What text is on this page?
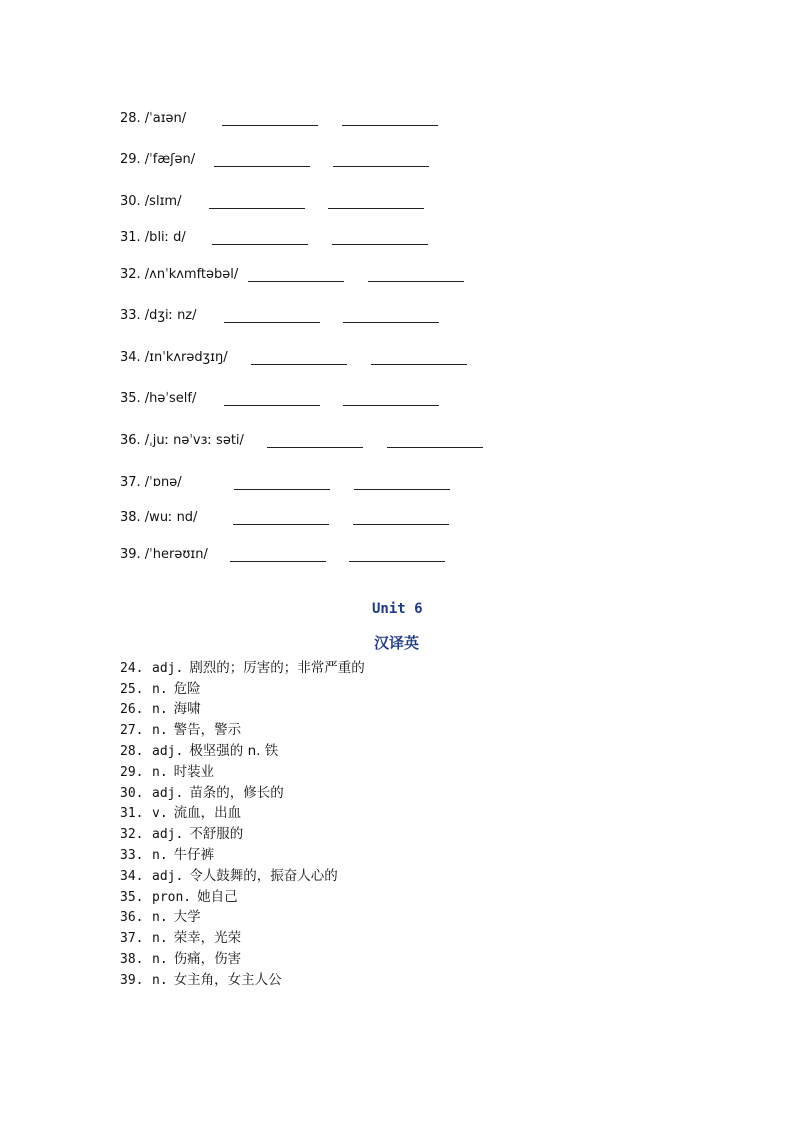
28. /ˈaɪən/
29. /ˈfæʃən/
30. /slɪm/
31. /bliː d/
32. /ʌnˈkʌmftəbəl/
33. /dʒiː nz/
34. /ɪnˈkʌrədʒɪŋ/
35. /həˈself/
36. /ˌjuː nəˈvɜː səti/
37. /ˈɒnə/
38. /wuː nd/
39. /ˈherəʊɪn/
Unit 6
汉译英
24. adj. 剧烈的；厉害的；非常严重的
25. n. 危险
26. n. 海啸
27. n. 警告，警示
28. adj. 极坚强的 n. 铁
29. n. 时装业
30. adj. 苗条的，修长的
31. v. 流血，出血
32. adj. 不舒服的
33. n. 牛仔裤
34. adj. 令人鼓舞的，振奋人心的
35. pron. 她自己
36. n. 大学
37. n. 荣幸，光荣
38. n. 伤痛，伤害
39. n. 女主角，女主人公
